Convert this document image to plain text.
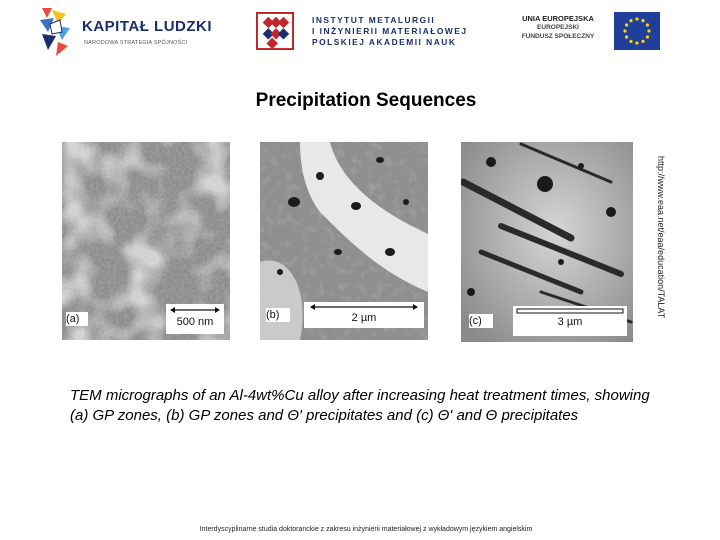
KAPITAŁ LUDZKI
NARODOWA STRATEGIA SPÓJNOŚCI
INSTYTUT METALURGII
I INŻYNIERII MATERIAŁOWEJ
POLSKIEJ AKADEMII NAUK
UNIA EUROPEJSKA
EUROPEJSKI
FUNDUSZ SPOŁECZNY
Precipitation Sequences
(a)	500 nm
(b)	2 µm	(c)	3 µm
http://www.eaa.net/eaa/education/TALAT
TEM micrographs of an Al-4wt%Cu alloy after increasing heat treatment times, showing (a) GP zones, (b) GP zones and Θ' precipitates and (c) Θ' and Θ precipitates
Interdyscyplinarne studia doktoranckie z zakresu inżynierii materiałowej z wykładowym językiem angielskim
